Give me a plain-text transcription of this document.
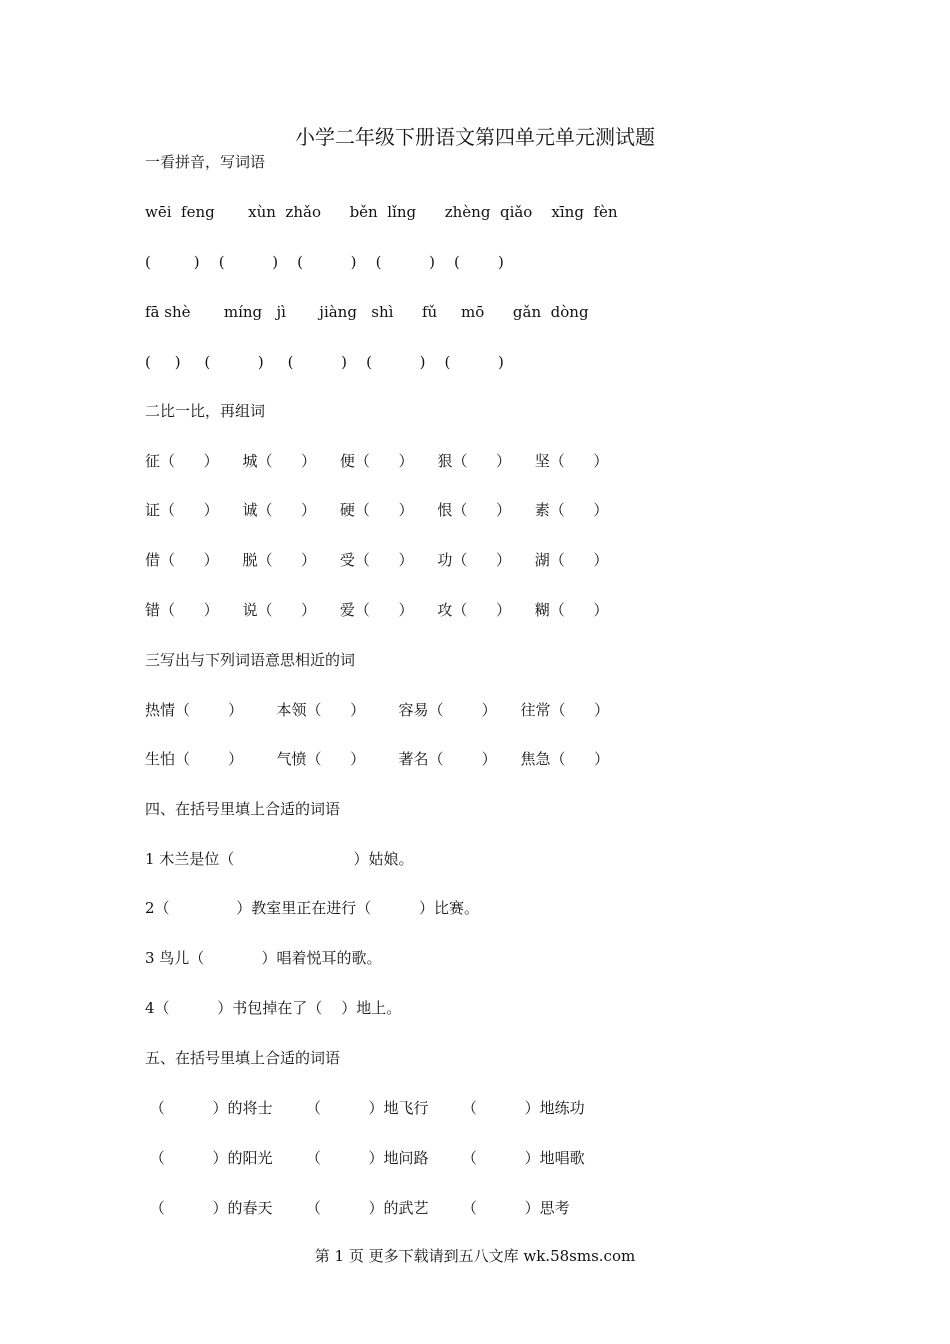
小学二年级下册语文第四单元单元测试题
一看拼音，写词语
wēi  feng       xùn  zhǎo      běn  lǐng      zhèng  qiǎo    xīng  fèn
(         )    (          )    (          )    (          )    (        )
fā shè       míng   jì       jiàng   shì      fǔ     mō      gǎn  dòng
(     )     (          )     (          )    (          )    (          )
二比一比，再组词
征（      ）     城（      ）     便（      ）     狠（      ）     坚（      ）
证（      ）     诚（      ）     硬（      ）     恨（      ）     素（      ）
借（      ）     脱（      ）     受（      ）     功（      ）     湖（      ）
错（      ）     说（      ）     爱（      ）     攻（      ）     糊（      ）
三写出与下列词语意思相近的词
热情（        ）       本领（      ）       容易（        ）     往常（      ）
生怕（        ）       气愤（      ）       著名（        ）     焦急（      ）
四、在括号里填上合适的词语
1 木兰是位（                         ）姑娘。
2（              ）教室里正在进行（          ）比赛。
3 鸟儿（            ）唱着悦耳的歌。
4（          ）书包掉在了（    ）地上。
五、在括号里填上合适的词语
（          ）的将士       （          ）地飞行       （          ）地练功
（          ）的阳光       （          ）地问路       （          ）地唱歌
（          ）的春天       （          ）的武艺       （          ）思考
第 1 页 更多下载请到五八文库 wk.58sms.com
